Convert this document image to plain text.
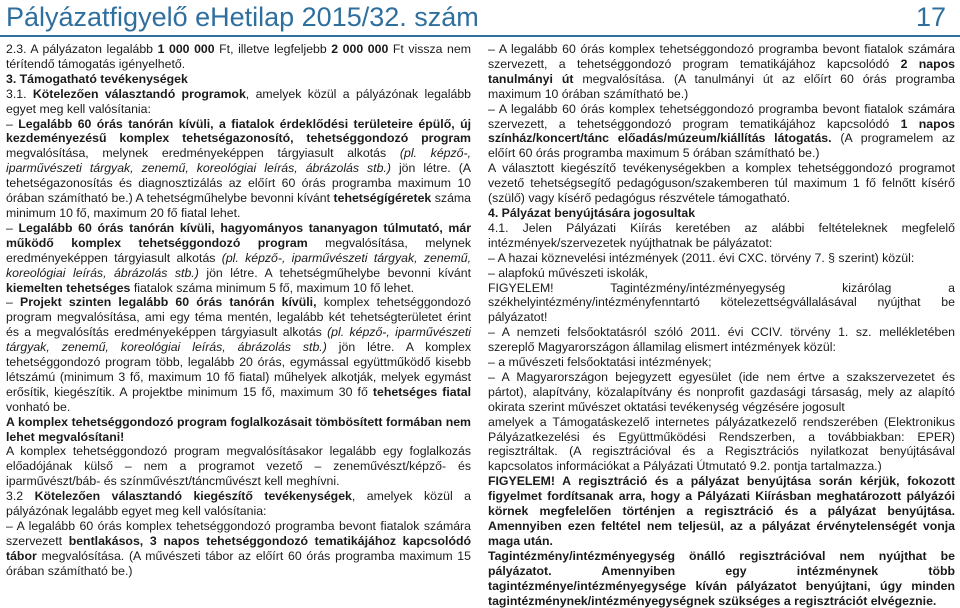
Pályázatfigyelő eHetilap 2015/32. szám	17

2.3. A pályázaton legalább 1 000 000 Ft, illetve legfeljebb 2 000 000 Ft vissza nem térítendő támogatás igényelhető.

3. Támogatható tevékenységek

3.1. Kötelezően választandó programok, amelyek közül a pályázónak legalább egyet meg kell valósítania:

– Legalább 60 órás tanórán kívüli, a fiatalok érdeklődési területeire épülő, új kezdeményezésű komplex tehetségazonosító, tehetséggondozó program megvalósítása, melynek eredményeképpen tárgyiasult alkotás (pl. képző-, iparművészeti tárgyak, zenemű, koreológiai leírás, ábrázolás stb.) jön létre. (A tehetségazonosítás és diagnosztizálás az előírt 60 órás programba maximum 10 órában számítható be.) A tehetségműhelybe bevonni kívánt tehetségígéretek száma minimum 10 fő, maximum 20 fő fiatal lehet.

– Legalább 60 órás tanórán kívüli, hagyományos tananyagon túlmutató, már működő komplex tehetséggondozó program megvalósítása, melynek eredményeképpen tárgyiasult alkotás (pl. képző-, iparművészeti tárgyak, zenemű, koreológiai leírás, ábrázolás stb.) jön létre. A tehetségműhelybe bevonni kívánt kiemelten tehetséges fiatalok száma minimum 5 fő, maximum 10 fő lehet.

– Projekt szinten legalább 60 órás tanórán kívüli, komplex tehetséggondozó program megvalósítása, ami egy téma mentén, legalább két tehetségterületet érint és a megvalósítás eredményeképpen tárgyiasult alkotás (pl. képző-, iparművészeti tárgyak, zenemű, koreológiai leírás, ábrázolás stb.) jön létre. A komplex tehetséggondozó program több, legalább 20 órás, egymással együttműködő kisebb létszámú (minimum 3 fő, maximum 10 fő fiatal) műhelyek alkotják, melyek egymást erősítik, kiegészítik. A projektbe minimum 15 fő, maximum 30 fő tehetséges fiatal vonható be.

A komplex tehetséggondozó program foglalkozásait tömbösített formában nem lehet megvalósítani!

A komplex tehetséggondozó program megvalósításakor legalább egy foglalkozás előadójának külső – nem a programot vezető – zeneművészt/képző- és iparművészt/báb- és színművészt/táncművészt kell meghívni.

3.2 Kötelezően választandó kiegészítő tevékenységek, amelyek közül a pályázónak legalább egyet meg kell valósítania:

– A legalább 60 órás komplex tehetséggondozó programba bevont fiatalok számára szervezett bentlakásos, 3 napos tehetséggondozó tematikájához kapcsolódó tábor megvalósítása. (A művészeti tábor az előírt 60 órás programba maximum 15 órában számítható be.)

– A legalább 60 órás komplex tehetséggondozó programba bevont fiatalok számára szervezett, a tehetséggondozó program tematikájához kapcsolódó 2 napos tanulmányi út megvalósítása. (A tanulmányi út az előírt 60 órás programba maximum 10 órában számítható be.)

– A legalább 60 órás komplex tehetséggondozó programba bevont fiatalok számára szervezett, a tehetséggondozó program tematikájához kapcsolódó 1 napos színház/koncert/tánc előadás/múzeum/kiállítás látogatás. (A programelem az előírt 60 órás programba maximum 5 órában számítható be.)

A választott kiegészítő tevékenységekben a komplex tehetséggondozó programot vezető tehetségsegítő pedagóguson/szakemberen túl maximum 1 fő felnőtt kísérő (szülő) vagy kísérő pedagógus részvétele támogatható.

4. Pályázat benyújtására jogosultak

4.1. Jelen Pályázati Kiírás keretében az alábbi feltételeknek megfelelő intézmények/szervezetek nyújthatnak be pályázatot:

– A hazai köznevelési intézmények (2011. évi CXC. törvény 7. § szerint) közül:

– alapfokú művészeti iskolák,

FIGYELEM! Tagintézmény/intézményegység kizárólag a székhelyintézmény/intézményfenntartó kötelezettségvállalásával nyújthat be pályázatot!

– A nemzeti felsőoktatásról szóló 2011. évi CCIV. törvény 1. sz. mellékletében szereplő Magyarországon államilag elismert intézmények közül:

– a művészeti felsőoktatási intézmények;

– A Magyarországon bejegyzett egyesület (ide nem értve a szakszervezetet és pártot), alapítvány, közalapítvány és nonprofit gazdasági társaság, mely az alapító okirata szerint művészet oktatási tevékenység végzésére jogosult

amelyek a Támogatáskezelő internetes pályázatkezelő rendszerében (Elektronikus Pályázatkezelési és Együttműködési Rendszerben, a továbbiakban: EPER) regisztráltak. (A regisztrációval és a Regisztrációs nyilatkozat benyújtásával kapcsolatos információkat a Pályázati Útmutató 9.2. pontja tartalmazza.)

FIGYELEM! A regisztráció és a pályázat benyújtása során kérjük, fokozott figyelmet fordítsanak arra, hogy a Pályázati Kiírásban meghatározott pályázói körnek megfelelően történjen a regisztráció és a pályázat benyújtása. Amennyiben ezen feltétel nem teljesül, az a pályázat érvénytelenségét vonja maga után.

Tagintézmény/intézményegység önálló regisztrációval nem nyújthat be pályázatot. Amennyiben egy intézménynek több tagintézménye/intézményegysége kíván pályázatot benyújtani, úgy minden tagintézménynek/intézményegységnek szükséges a regisztrációt elvégeznie.
